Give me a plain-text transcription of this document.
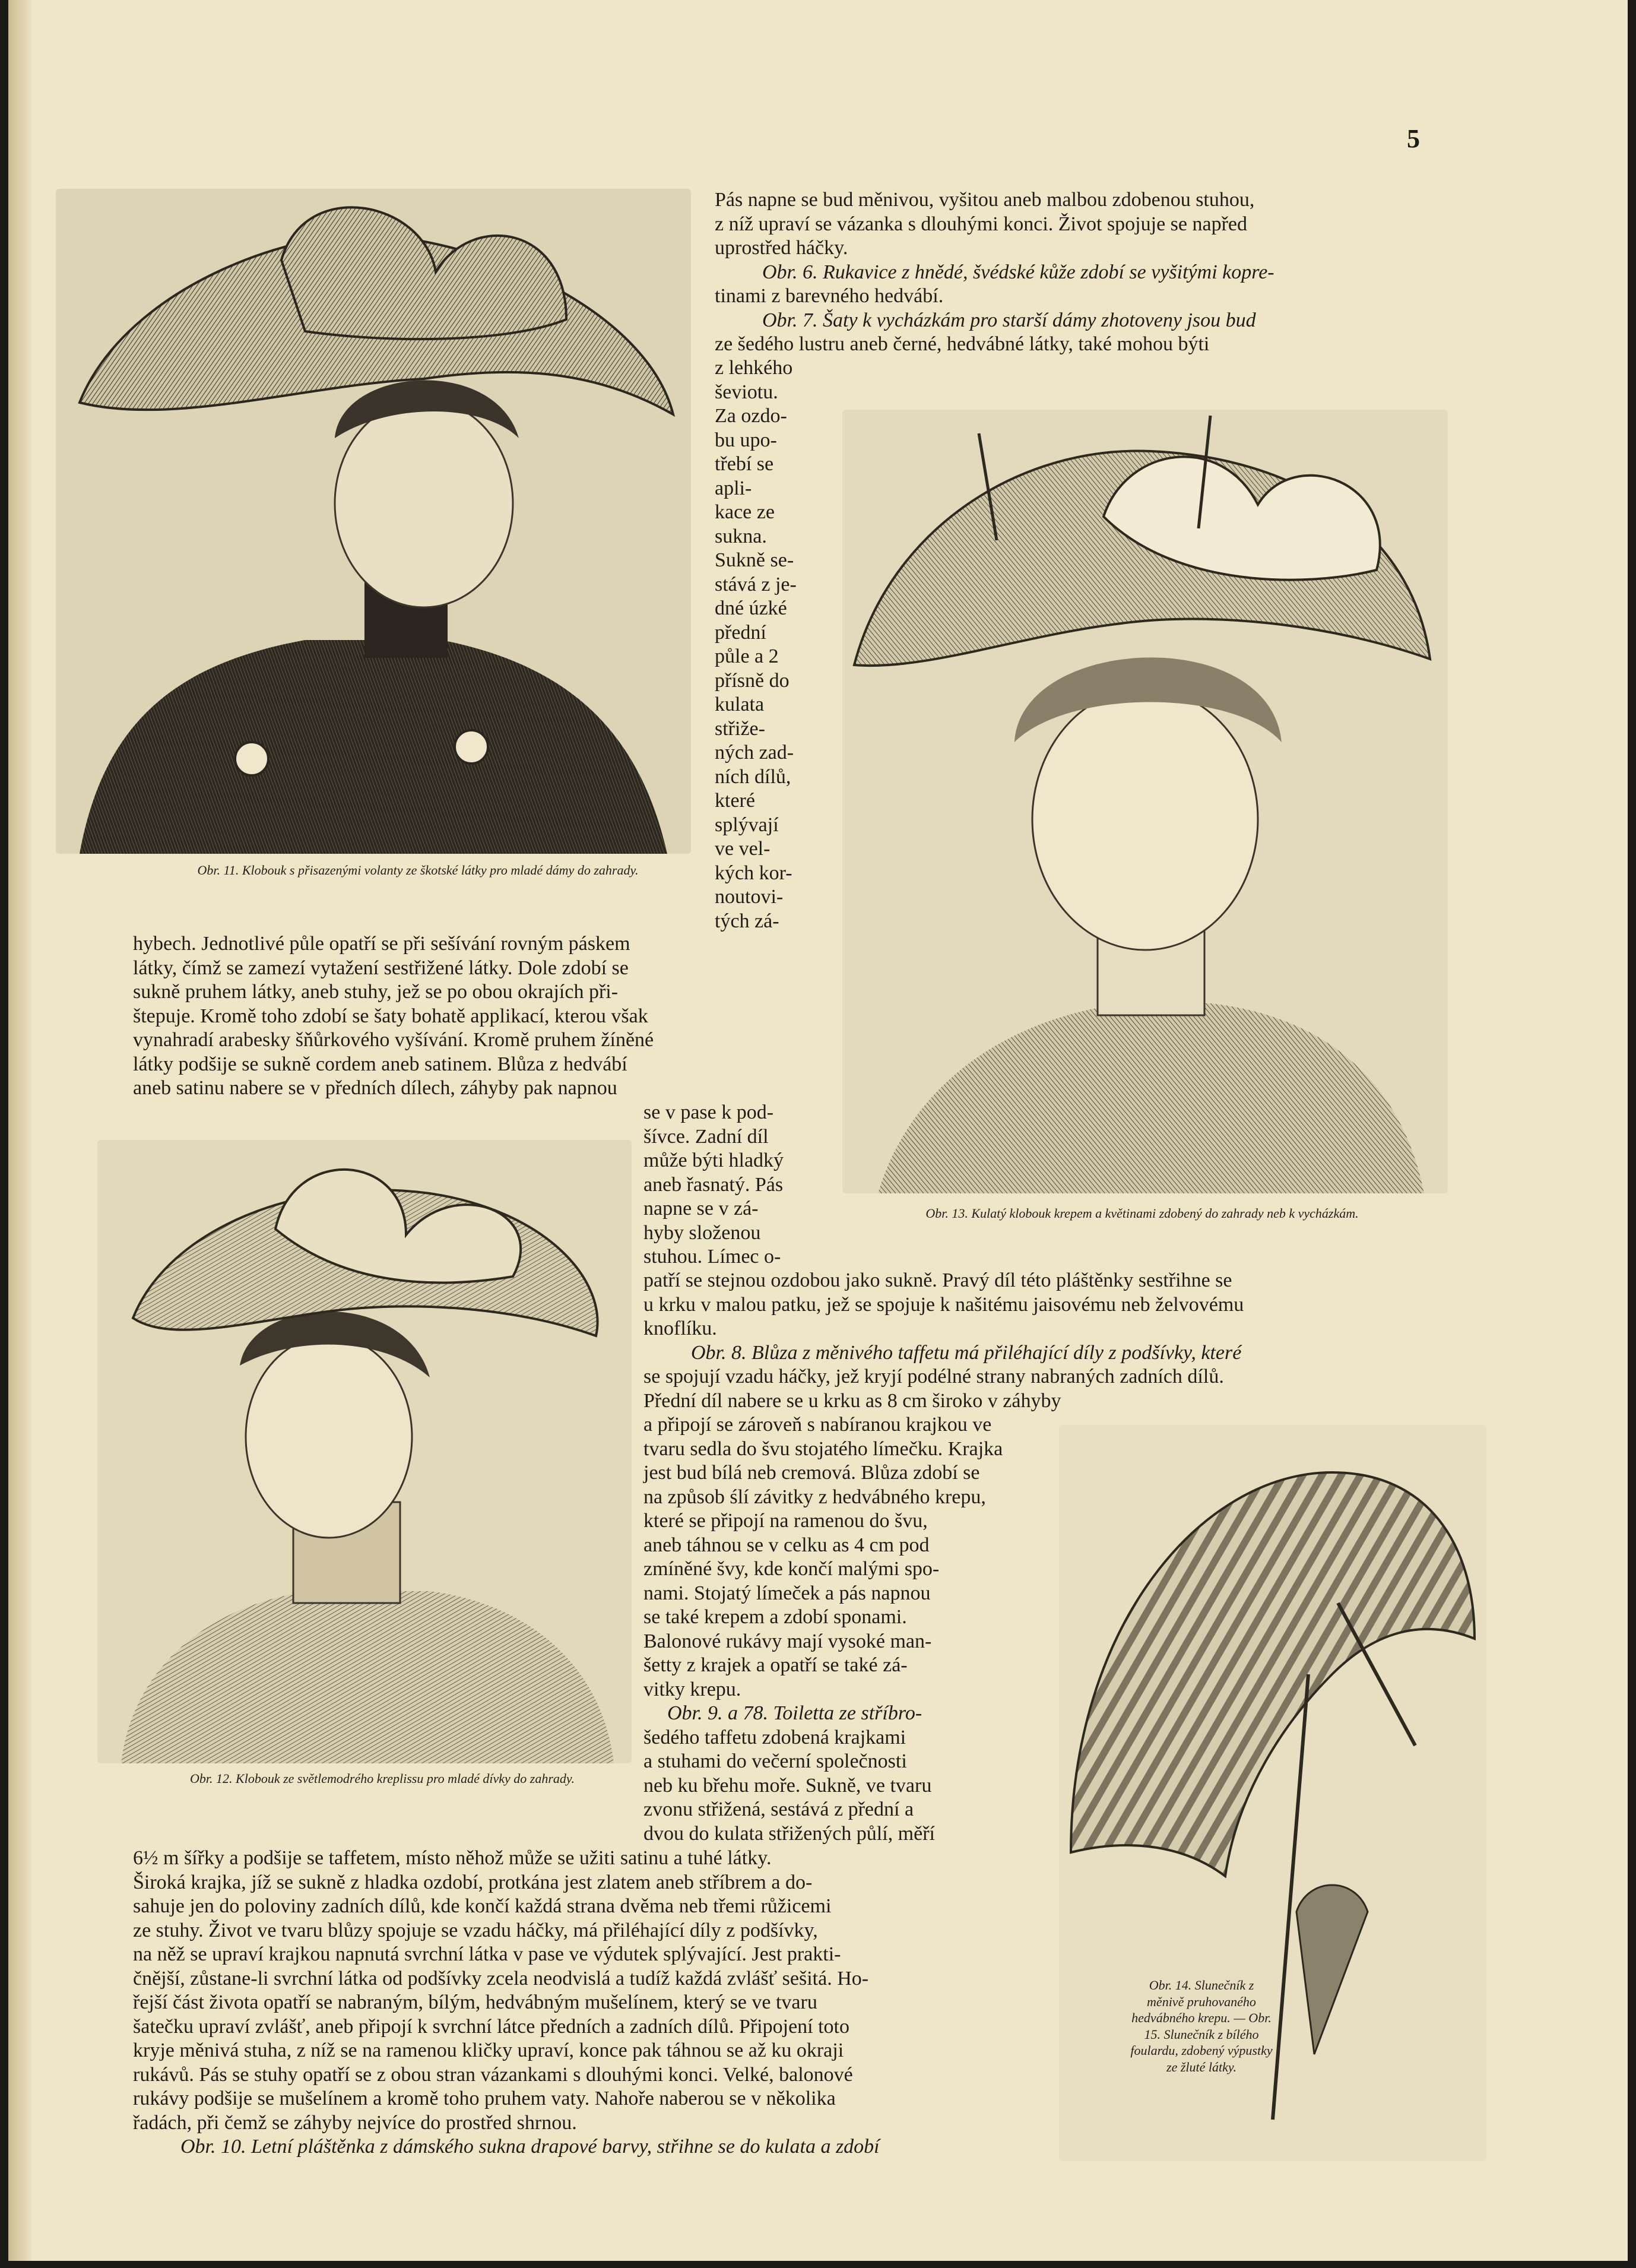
5
Obr. 11. Klobouk s přisazenými volanty ze škotské látky pro mladé dámy do zahrady.
Obr. 12. Klobouk ze světlemodrého kreplissu pro mladé dívky do zahrady.
Obr. 13. Kulatý klobouk krepem a květinami zdobený do zahrady neb k vycházkám.
Obr. 14. Slunečník z měnivě pruhovaného hedvábného krepu. — Obr. 15. Slunečník z bílého foulardu, zdobený výpustky ze žluté látky.
Pás napne se bud měnivou, vyšitou aneb malbou zdobenou stuhou,
z níž upraví se vázanka s dlouhými konci. Život spojuje se napřed
uprostřed háčky.
Obr. 6. Rukavice z hnědé, švédské kůže zdobí se vyšitými kopre-
tinami z barevného hedvábí.
Obr. 7. Šaty k vycházkám pro starší dámy zhotoveny jsou bud
ze šedého lustru aneb černé, hedvábné látky, také mohou býti
z lehkého
ševiotu.
Za ozdo-
bu upo-
třebí se
apli-
kace ze
sukna.
Sukně se-
stává z je-
dné úzké
přední
půle a 2
přísně do
kulata
střiže-
ných zad-
ních dílů,
které
splývají
ve vel-
kých kor-
noutovi-
tých zá-
hybech. Jednotlivé půle opatří se při sešívání rovným páskem
látky, čímž se zamezí vytažení sestřižené látky. Dole zdobí se
sukně pruhem látky, aneb stuhy, jež se po obou okrajích při-
štepuje. Kromě toho zdobí se šaty bohatě applikací, kterou však
vynahradí arabesky šňůrkového vyšívání. Kromě pruhem žíněné
látky podšije se sukně cordem aneb satinem. Blůza z hedvábí
aneb satinu nabere se v předních dílech, záhyby pak napnou
se v pase k pod-
šívce. Zadní díl
může býti hladký
aneb řasnatý. Pás
napne se v zá-
hyby složenou
stuhou. Límec o-
patří se stejnou ozdobou jako sukně. Pravý díl této pláštěnky sestřihne se
u krku v malou patku, jež se spojuje k našitému jaisovému neb želvovému
knoflíku.
Obr. 8. Blůza z měnivého taffetu má přiléhající díly z podšívky, které
se spojují vzadu háčky, jež kryjí podélné strany nabraných zadních dílů.
Přední díl nabere se u krku as 8 cm široko v záhyby
a připojí se zároveň s nabíranou krajkou ve
tvaru sedla do švu stojatého límečku. Krajka
jest bud bílá neb cremová. Blůza zdobí se
na způsob ślí závitky z hedvábného krepu,
které se připojí na ramenou do švu,
aneb táhnou se v celku as 4 cm pod
zmíněné švy, kde končí malými spo-
nami. Stojatý límeček a pás napnou
se také krepem a zdobí sponami.
Balonové rukávy mají vysoké man-
šetty z krajek a opatří se také zá-
vitky krepu.
Obr. 9. a 78. Toiletta ze stříbro-
šedého taffetu zdobená krajkami
a stuhami do večerní společnosti
neb ku břehu moře. Sukně, ve tvaru
zvonu střižená, sestává z přední a
dvou do kulata střižených půlí, měří
6½ m šířky a podšije se taffetem, místo něhož může se užiti satinu a tuhé látky.
Široká krajka, jíž se sukně z hladka ozdobí, protkána jest zlatem aneb stříbrem a do-
sahuje jen do poloviny zadních dílů, kde končí každá strana dvěma neb třemi růžicemi
ze stuhy. Život ve tvaru blůzy spojuje se vzadu háčky, má přiléhající díly z podšívky,
na něž se upraví krajkou napnutá svrchní látka v pase ve výdutek splývající. Jest prakti-
čnější, zůstane-li svrchní látka od podšívky zcela neodvislá a tudíž každá zvlášť sešitá. Ho-
řejší část života opatří se nabraným, bílým, hedvábným mušelínem, který se ve tvaru
šatečku upraví zvlášť, aneb připojí k svrchní látce předních a zadních dílů. Připojení toto
kryje měnivá stuha, z níž se na ramenou kličky upraví, konce pak táhnou se až ku okraji
rukávů. Pás se stuhy opatří se z obou stran vázankami s dlouhými konci. Velké, balonové
rukávy podšije se mušelínem a kromě toho pruhem vaty. Nahoře naberou se v několika
řadách, při čemž se záhyby nejvíce do prostřed shrnou.
Obr. 10. Letní pláštěnka z dámského sukna drapové barvy, střihne se do kulata a zdobí
